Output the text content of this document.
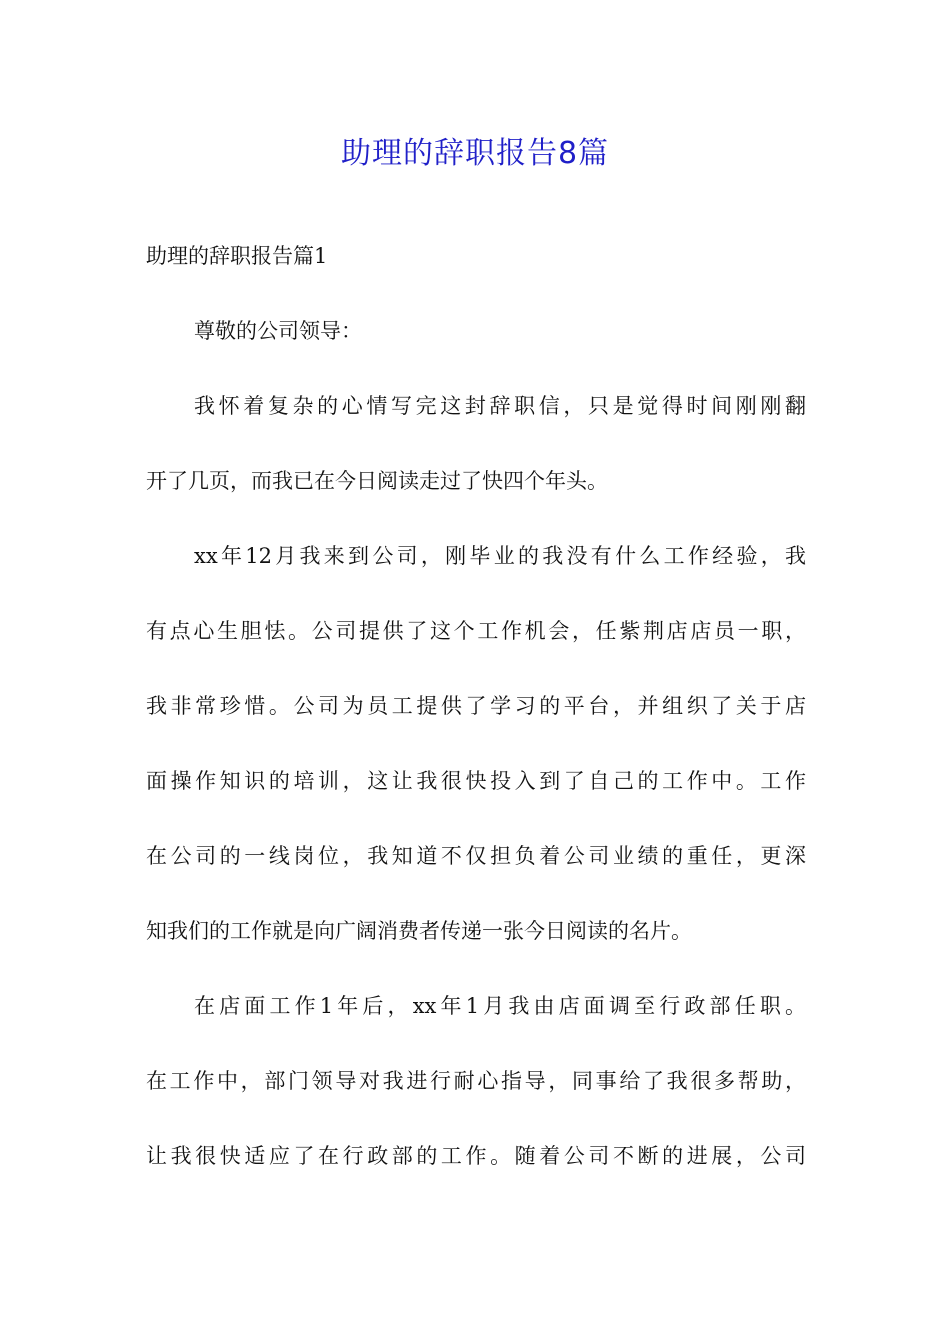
助理的辞职报告8篇

助理的辞职报告篇1

尊敬的公司领导：

我怀着复杂的心情写完这封辞职信，只是觉得时间刚刚翻

开了几页，而我已在今日阅读走过了快四个年头。

xx年12月我来到公司，刚毕业的我没有什么工作经验，我

有点心生胆怯。公司提供了这个工作机会，任紫荆店店员一职，

我非常珍惜。公司为员工提供了学习的平台，并组织了关于店

面操作知识的培训，这让我很快投入到了自己的工作中。工作

在公司的一线岗位，我知道不仅担负着公司业绩的重任，更深

知我们的工作就是向广阔消费者传递一张今日阅读的名片。

在店面工作1年后，xx年1月我由店面调至行政部任职。

在工作中，部门领导对我进行耐心指导，同事给了我很多帮助，

让我很快适应了在行政部的工作。随着公司不断的进展，公司
